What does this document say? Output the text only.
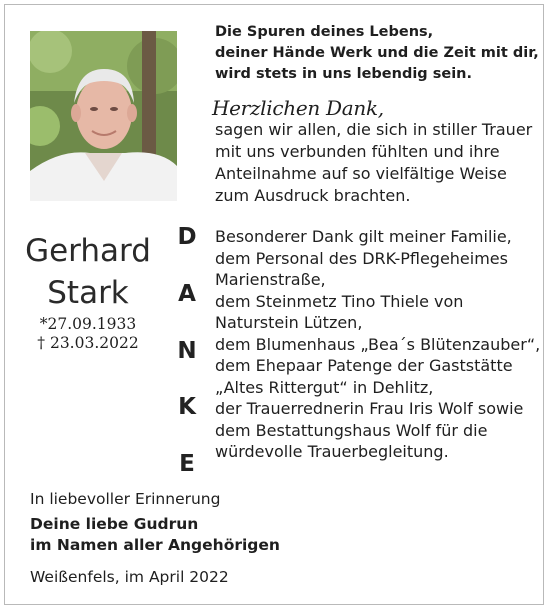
Die Spuren deines Lebens,
deiner Hände Werk und die Zeit mit dir,
wird stets in uns lebendig sein.
Herzlichen Dank,
sagen wir allen, die sich in stiller Trauer
mit uns verbunden fühlten und ihre
Anteilnahme auf so vielfältige Weise
zum Ausdruck brachten.
Gerhard
Stark
*27.09.1933
† 23.03.2022
D
A
N
K
E
Besonderer Dank gilt meiner Familie,
dem Personal des DRK-Pflegeheimes
Marienstraße,
dem Steinmetz Tino Thiele von
Naturstein Lützen,
dem Blumenhaus „Bea´s Blütenzauber“,
dem Ehepaar Patenge der Gaststätte
„Altes Rittergut“ in Dehlitz,
der Trauerrednerin Frau Iris Wolf sowie
dem Bestattungshaus Wolf für die
würdevolle Trauerbegleitung.
In liebevoller Erinnerung
Deine liebe Gudrun
im Namen aller Angehörigen
Weißenfels, im April 2022
